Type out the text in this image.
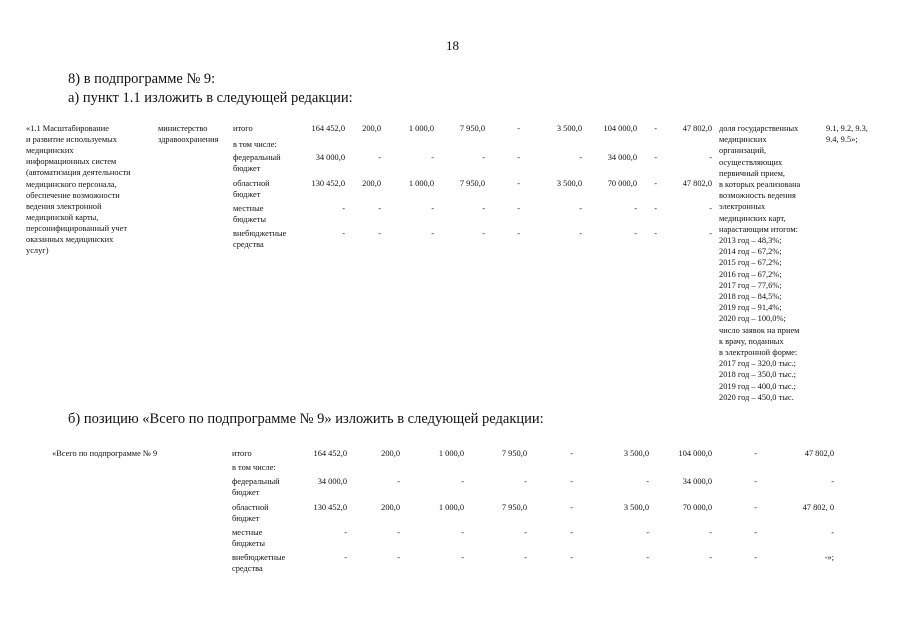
18
8) в подпрограмме № 9:
а) пункт 1.1 изложить в следующей редакции:
«1.1 Масштабирование
и развитие используемых
медицинских
информационных систем
(автоматизация деятельности
медицинского персонала,
обеспечение возможности
ведения электронной
медицинской карты,
персонифицированный учет
оказанных медицинских
услуг)
министерство
здравоохранения
итого	164 452,0	200,0	1 000,0	7 950,0	-	3 500,0	104 000,0	-	47 802,0
в том числе:
федеральный
бюджет
34 000,0	-	-	-	-	-	34 000,0	-	-
областной
бюджет
130 452,0	200,0	1 000,0	7 950,0	-	3 500,0	70 000,0	-	47 802,0
местные
бюджеты
-	-	-	-	-	-	-	-	-
внебюджетные
средства
-	-	-	-	-	-	-	-	-
доля государственных
медицинских
организаций,
осуществляющих
первичный прием,
в которых реализована
возможность ведения
электронных
медицинских карт,
нарастающим итогом:
2013 год – 48,3%;
2014 год – 67,2%;
2015 год – 67,2%;
2016 год – 67,2%;
2017 год – 77,6%;
2018 год – 84,5%;
2019 год – 91,4%;
2020 год – 100,0%;
число заявок на прием
к врачу, поданных
в электронной форме:
2017 год – 320,0 тыс.;
2018 год – 350,0 тыс.;
2019 год – 400,0 тыс.;
2020 год – 450,0 тыс.
9.1, 9.2, 9.3,
9.4, 9.5»;
б) позицию «Всего по подпрограмме № 9» изложить в следующей редакции:
«Всего по подпрограмме № 9	итого	164 452,0	200,0	1 000,0	7 950,0	-	3 500,0	104 000,0	-	47 802,0
в том числе:
федеральный
бюджет
34 000,0	-	-	-	-	-	34 000,0	-	-
областной
бюджет
130 452,0	200,0	1 000,0	7 950,0	-	3 500,0	70 000,0	-	47 802, 0
местные
бюджеты
-	-	-	-	-	-	-	-	-
внебюджетные
средства
-	-	-	-	-	-	-	-	-»;
